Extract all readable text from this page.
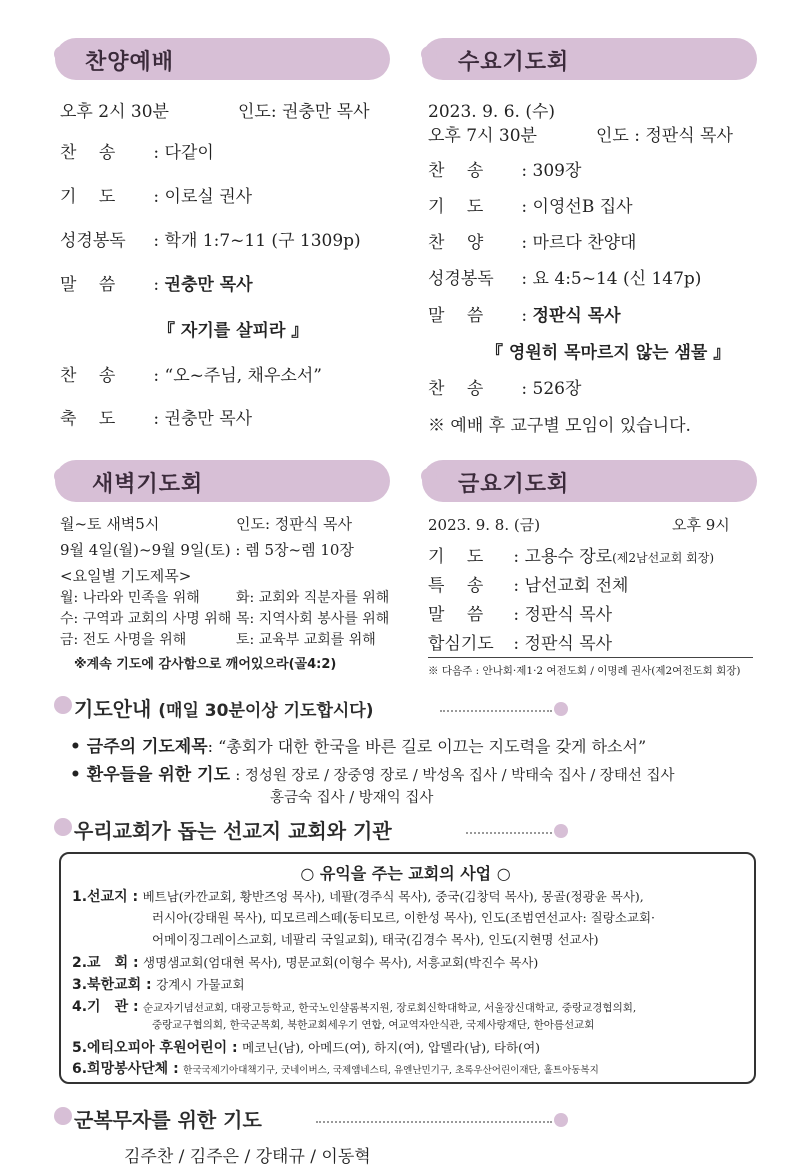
찬양예배
오후 2시 30분	인도: 권충만 목사
찬　 송 : 다같이
기　 도 : 이로실 권사
성경봉독 : 학개 1:7~11 (구 1309p)
말　 씀 : 권충만 목사
『 자기를 살피라 』
찬　 송 : “오~주님, 채우소서”
축　 도 : 권충만 목사
수요기도회
2023. 9. 6. (수)
오후 7시 30분	인도 : 정판식 목사
찬　 송 : 309장
기　 도 : 이영선B 집사
찬　 양 : 마르다 찬양대
성경봉독 : 요 4:5~14 (신 147p)
말　 씀 : 정판식 목사
『 영원히 목마르지 않는 샘물 』
찬　 송 : 526장
※ 예배 후 교구별 모임이 있습니다.
새벽기도회
월~토 새벽5시	인도: 정판식 목사
9월 4일(월)~9월 9일(토) : 렘 5장~렘 10장
<요일별 기도제목>
월: 나라와 민족을 위해	화: 교회와 직분자를 위해
수: 구역과 교회의 사명 위해 목: 지역사회 봉사를 위해
금: 전도 사명을 위해	토: 교육부 교회를 위해
※계속 기도에 감사함으로 깨어있으라(골4:2)
금요기도회
2023. 9. 8. (금)	오후 9시
기　 도 : 고용수 장로(제2남선교회 회장)
특　 송 : 남선교회 전체
말　 씀 : 정판식 목사
합심기도 : 정판식 목사
※ 다음주 : 안나회·제1·2 여전도회 / 이명례 권사(제2여전도회 회장)
기도안내 (매일 30분이상 기도합시다)
• 금주의 기도제목: “총회가 대한 한국을 바른 길로 이끄는 지도력을 갖게 하소서”
• 환우들을 위한 기도 : 정성원 장로 / 장중영 장로 / 박성옥 집사 / 박태숙 집사 / 장태선 집사
홍금숙 집사 / 방재익 집사
우리교회가 돕는 선교지 교회와 기관
○ 유익을 주는 교회의 사업 ○
1.선교지 : 베트남(카깐교회, 황반즈엉 목사), 네팔(경주식 목사), 중국(김창덕 목사), 몽골(정광윤 목사),
러시아(강태원 목사), 띠모르레스떼(동티모르, 이한성 목사), 인도(조범연선교사: 질랑소교회·
어메이징그레이스교회, 네팔리 국일교회), 태국(김경수 목사), 인도(지현명 선교사)
2.교　회 : 생명샘교회(엄대현 목사), 명문교회(이형수 목사), 서흥교회(박진수 목사)
3.북한교회 : 강계시 가물교회
4.기　관 : 순교자기념선교회, 대광고등학교, 한국노인샬롬복지원, 장로회신학대학교, 서울장신대학교, 중랑교경협의회,
중랑교구협의회, 한국군목회, 북한교회세우기 연합, 여교역자안식관, 국제사랑재단, 한아름선교회
5.에티오피아 후원어린이 : 메코닌(남), 아메드(여), 하지(여), 압델라(남), 타하(여)
6.희망봉사단체 : 한국국제기아대책기구, 굿네이버스, 국제앰네스티, 유엔난민기구, 초록우산어린이재단, 홀트아동복지
군복무자를 위한 기도
김주찬 / 김주은 / 강태규 / 이동혁
